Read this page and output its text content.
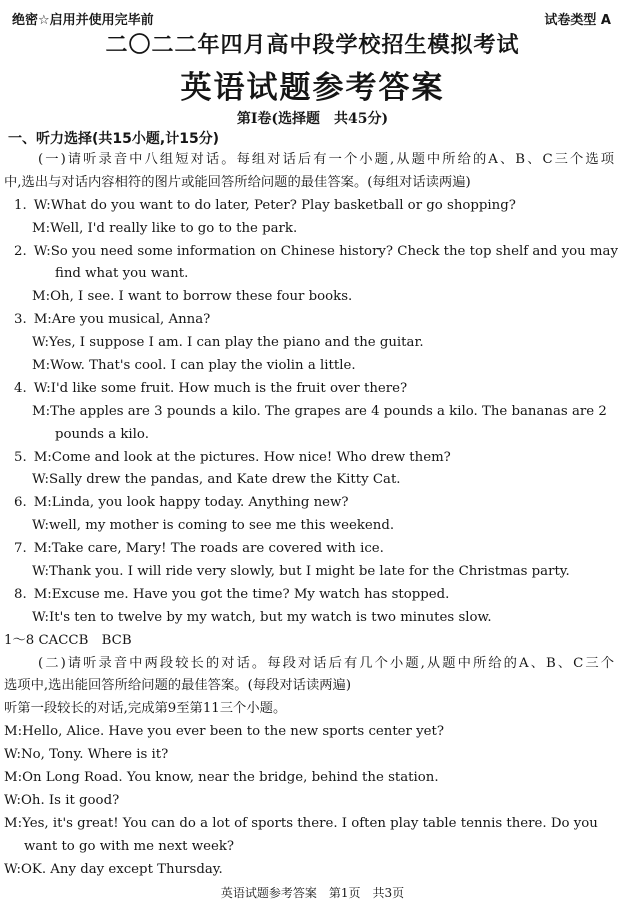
绝密☆启用并使用完毕前	试卷类型 A
二〇二二年四月高中段学校招生模拟考试
英语试题参考答案
第Ⅰ卷(选择题　共45分)
一、听力选择(共15小题,计15分)
(一)请听录音中八组短对话。每组对话后有一个小题,从题中所给的A、B、C三个选项
中,选出与对话内容相符的图片或能回答所给问题的最佳答案。(每组对话读两遍)
1. W:What do you want to do later, Peter? Play basketball or go shopping?
M:Well, I'd really like to go to the park.
2. W:So you need some information on Chinese history? Check the top shelf and you may
find what you want.
M:Oh, I see. I want to borrow these four books.
3. M:Are you musical, Anna?
W:Yes, I suppose I am. I can play the piano and the guitar.
M:Wow. That's cool. I can play the violin a little.
4. W:I'd like some fruit. How much is the fruit over there?
M:The apples are 3 pounds a kilo. The grapes are 4 pounds a kilo. The bananas are 2
pounds a kilo.
5. M:Come and look at the pictures. How nice! Who drew them?
W:Sally drew the pandas, and Kate drew the Kitty Cat.
6. M:Linda, you look happy today. Anything new?
W:well, my mother is coming to see me this weekend.
7. M:Take care, Mary! The roads are covered with ice.
W:Thank you. I will ride very slowly, but I might be late for the Christmas party.
8. M:Excuse me. Have you got the time? My watch has stopped.
W:It's ten to twelve by my watch, but my watch is two minutes slow.
1～8 CACCB　BCB
(二)请听录音中两段较长的对话。每段对话后有几个小题,从题中所给的A、B、C三个
选项中,选出能回答所给问题的最佳答案。(每段对话读两遍)
听第一段较长的对话,完成第9至第11三个小题。
M:Hello, Alice. Have you ever been to the new sports center yet?
W:No, Tony. Where is it?
M:On Long Road. You know, near the bridge, behind the station.
W:Oh. Is it good?
M:Yes, it's great! You can do a lot of sports there. I often play table tennis there. Do you
want to go with me next week?
W:OK. Any day except Thursday.
英语试题参考答案　第1页　共3页
